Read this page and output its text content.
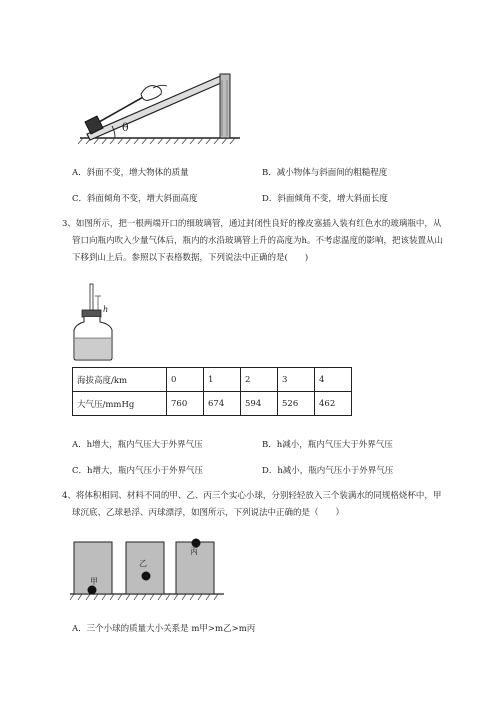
θ
A．斜面不变，增大物体的质量	B．减小物体与斜面间的粗糙程度
C．斜面倾角不变，增大斜面高度	D．斜面倾角不变，增大斜面长度
3、如图所示，把一根两端开口的细玻璃管，通过封闭性良好的橡皮塞插入装有红色水的玻璃瓶中，从
管口向瓶内吹入少量气体后，瓶内的水沿玻璃管上升的高度为h。不考虑温度的影响，把该装置从山
下移到山上后。参照以下表格数据，下列说法中正确的是(　　)
h
海拔高度/km	0	1	2	3	4
大气压/mmHg	760	674	594	526	462
A．h增大，瓶内气压大于外界气压	B．h减小，瓶内气压大于外界气压
C．h增大，瓶内气压小于外界气压	D．h减小，瓶内气压小于外界气压
4、将体积相同、材料不同的甲、乙、丙三个实心小球，分别轻轻放入三个装满水的同规格烧杯中，甲
球沉底、乙球悬浮、丙球漂浮，如图所示，下列说法中正确的是（　　）
甲
乙
丙
A．三个小球的质量大小关系是 m甲>m乙>m丙
